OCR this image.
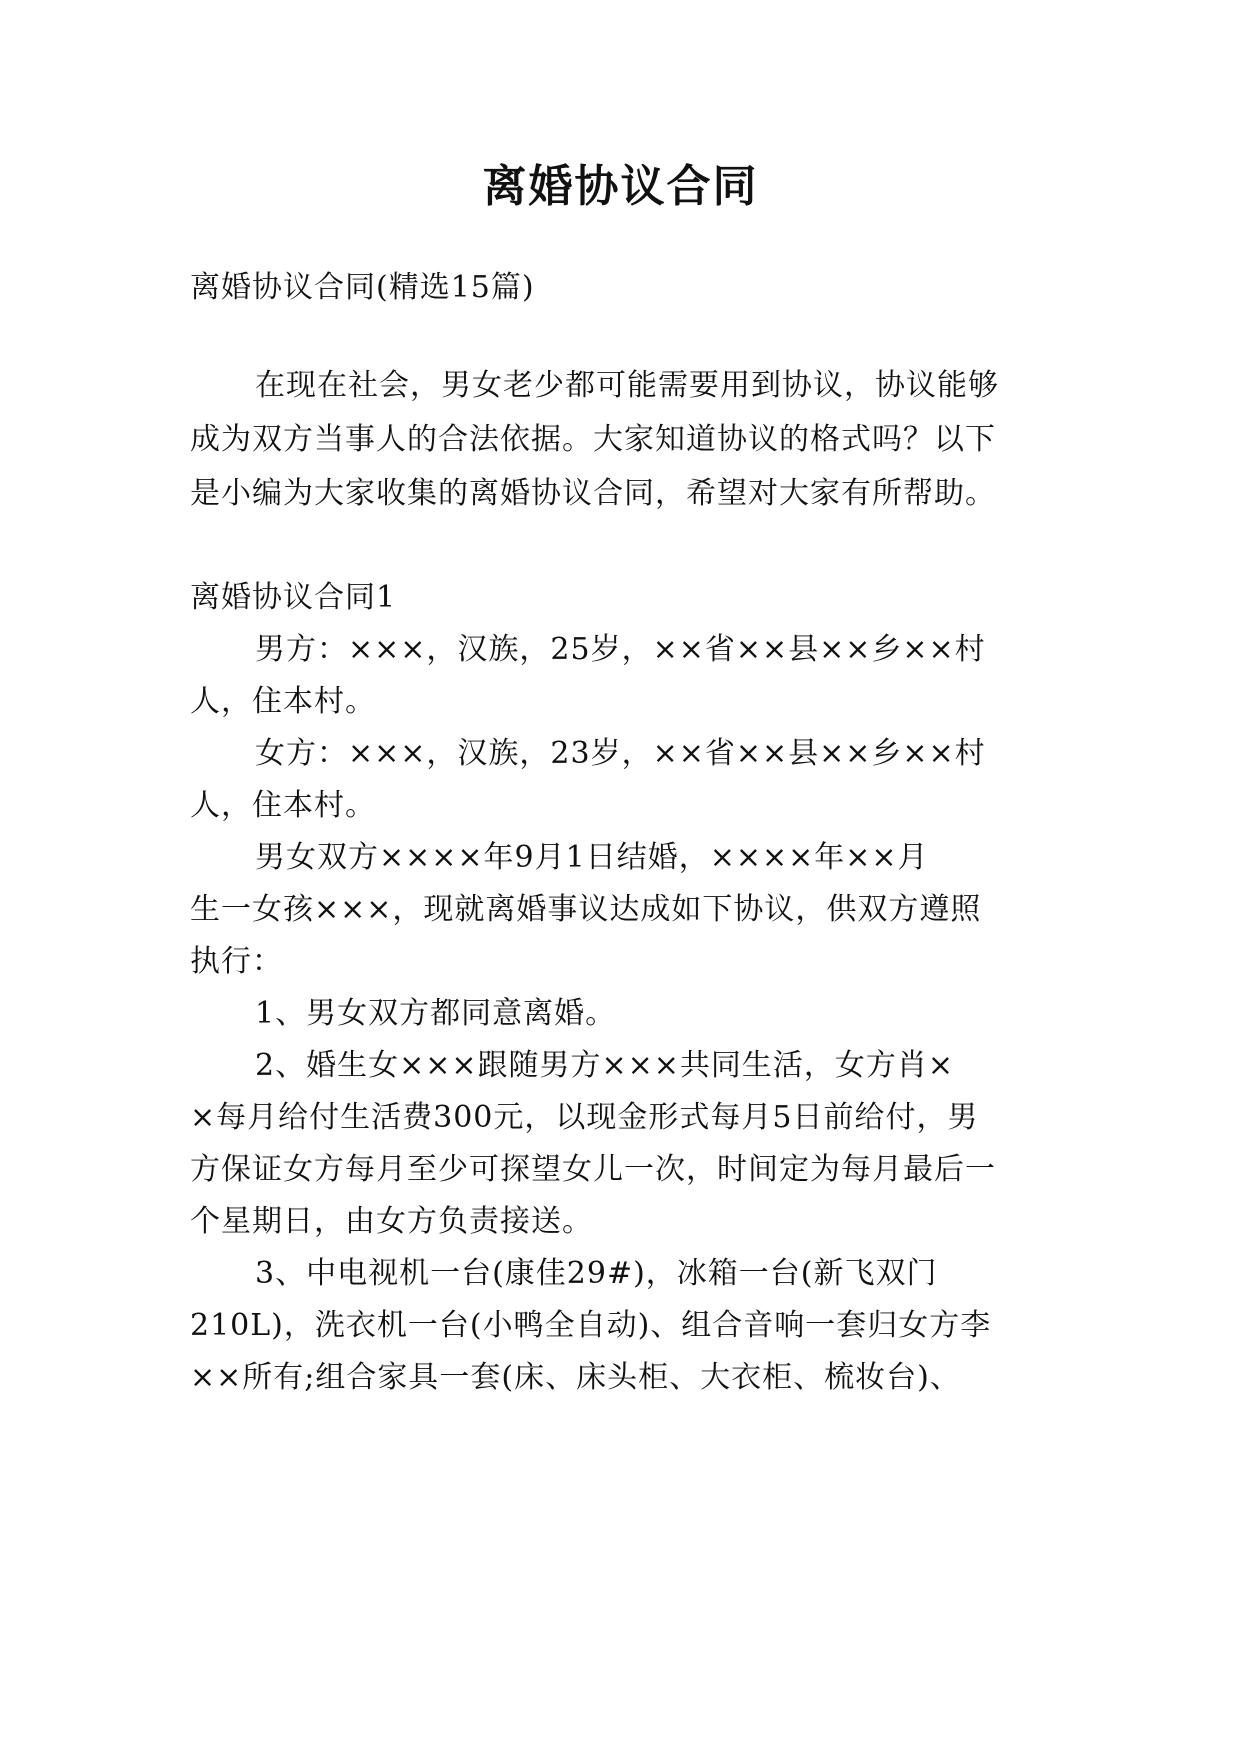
离婚协议合同
离婚协议合同(精选15篇)
在现在社会，男女老少都可能需要用到协议，协议能够
成为双方当事人的合法依据。大家知道协议的格式吗？以下
是小编为大家收集的离婚协议合同，希望对大家有所帮助。
离婚协议合同1
男方：×××，汉族，25岁，××省××县××乡××村
人，住本村。
女方：×××，汉族，23岁，××省××县××乡××村
人，住本村。
男女双方××××年9月1日结婚，××××年××月
生一女孩×××，现就离婚事议达成如下协议，供双方遵照
执行：
1、男女双方都同意离婚。
2、婚生女×××跟随男方×××共同生活，女方肖×
×每月给付生活费300元，以现金形式每月5日前给付，男
方保证女方每月至少可探望女儿一次，时间定为每月最后一
个星期日，由女方负责接送。
3、中电视机一台(康佳29#)，冰箱一台(新飞双门
210L)，洗衣机一台(小鸭全自动)、组合音响一套归女方李
××所有;组合家具一套(床、床头柜、大衣柜、梳妆台)、
